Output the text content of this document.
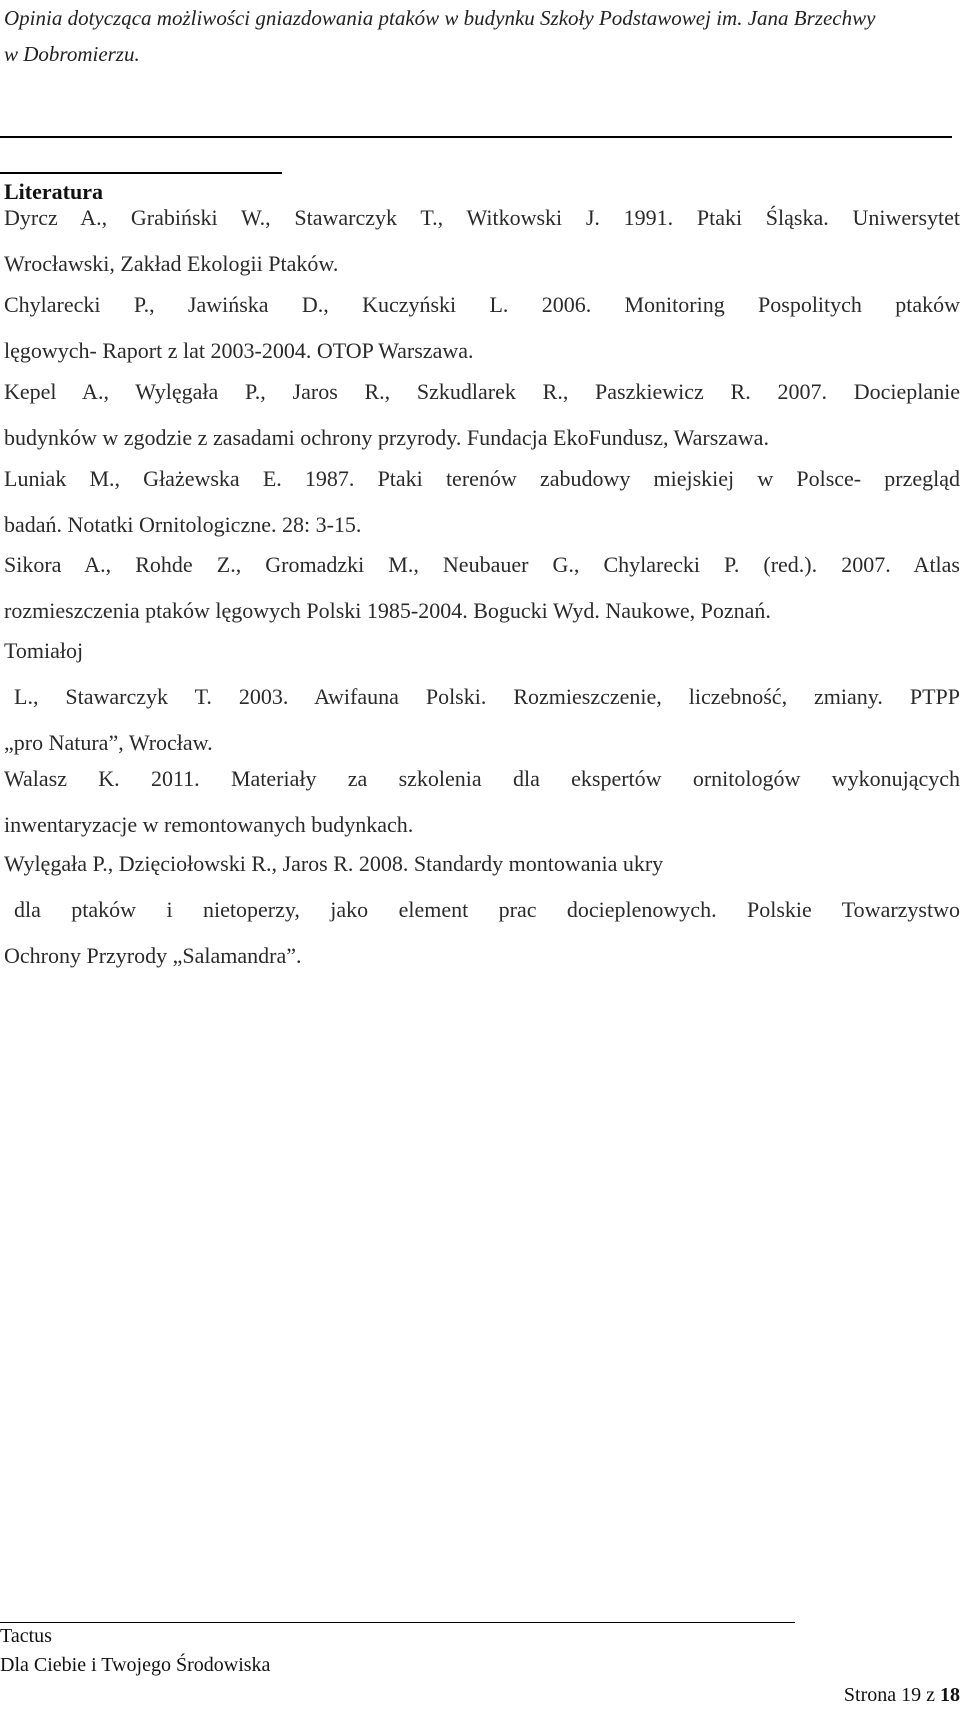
Opinia dotycząca możliwości gniazdowania ptaków w budynku Szkoły Podstawowej im. Jana Brzechwy
w Dobromierzu.
Literatura
Dyrcz A., Grabiński W., Stawarczyk T., Witkowski J. 1991. Ptaki Śląska. Uniwersytet
Wrocławski, Zakład Ekologii Ptaków.
Chylarecki P., Jawińska D., Kuczyński L. 2006. Monitoring Pospolitych ptaków
lęgowych- Raport z lat 2003-2004. OTOP Warszawa.
Kepel A., Wylęgała P., Jaros R., Szkudlarek R., Paszkiewicz R. 2007. Docieplanie
budynków w zgodzie z zasadami ochrony przyrody. Fundacja EkoFundusz, Warszawa.
Luniak M., Głażewska E. 1987. Ptaki terenów zabudowy miejskiej w Polsce- przegląd
badań. Notatki Ornitologiczne. 28: 3-15.
Sikora A., Rohde Z., Gromadzki M., Neubauer G., Chylarecki P. (red.). 2007. Atlas
rozmieszczenia ptaków lęgowych Polski 1985-2004. Bogucki Wyd. Naukowe, Poznań.
Tomiałoj
L., Stawarczyk T. 2003. Awifauna Polski. Rozmieszczenie, liczebność, zmiany. PTPP
„pro Natura”, Wrocław.
Walasz K. 2011. Materiały za szkolenia dla ekspertów ornitologów wykonujących
inwentaryzacje w remontowanych budynkach.
Wylęgała P., Dzięciołowski R., Jaros R. 2008. Standardy montowania ukry
dla ptaków i nietoperzy, jako element prac docieplenowych. Polskie Towarzystwo
Ochrony Przyrody „Salamandra”.
Tactus
Dla Ciebie i Twojego Środowiska
Strona 19 z 18
